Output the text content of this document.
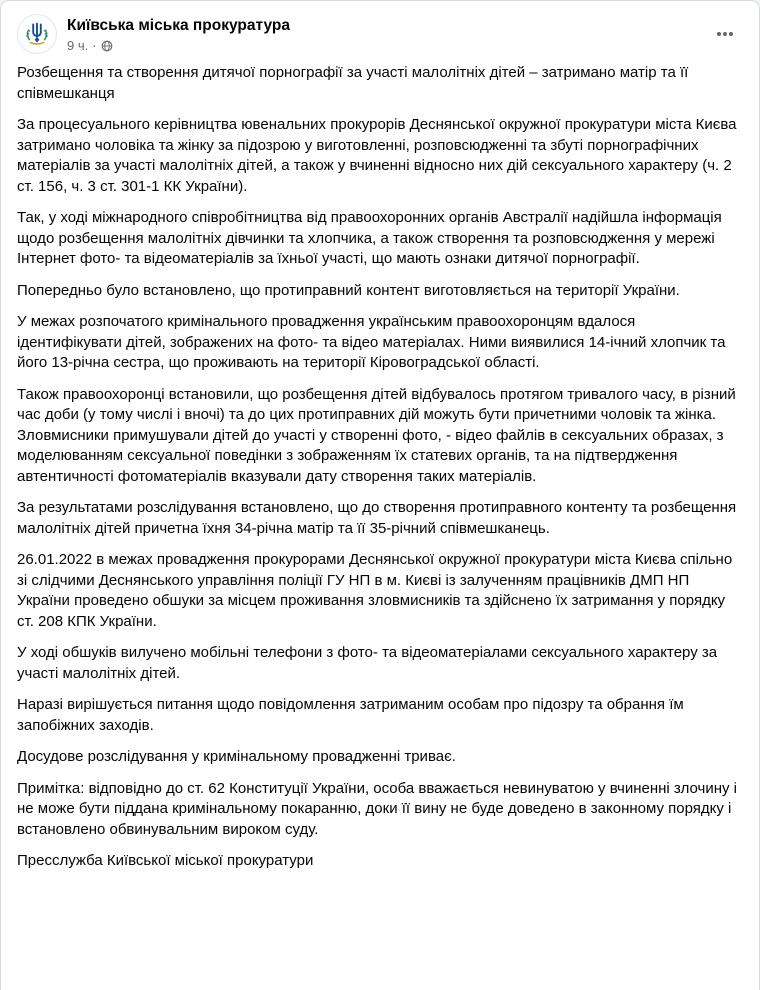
Київська міська прокуратура
9 ч. ·

Розбещення та створення дитячої порнографії за участі малолітніх дітей – затримано матір та її співмешканця

За процесуального керівництва ювенальних прокурорів Деснянської окружної прокуратури міста Києва затримано чоловіка та жінку за підозрою у виготовленні, розповсюдженні та збуті порнографічних матеріалів за участі малолітніх дітей, а також у вчиненні відносно них дій сексуального характеру (ч. 2 ст. 156, ч. 3 ст. 301-1 КК України).

Так, у ході міжнародного співробітництва від правоохоронних органів Австралії надійшла інформація щодо розбещення малолітніх дівчинки та хлопчика, а також створення та розповсюдження у мережі Інтернет фото- та відеоматеріалів за їхньої участі, що мають ознаки дитячої порнографії.

Попередньо було встановлено, що протиправний контент виготовляється на території України.

У межах розпочатого кримінального провадження українським правоохоронцям вдалося ідентифікувати дітей, зображених на фото- та відео матеріалах. Ними виявилися 14-ічний хлопчик та його 13-річна сестра, що проживають на території Кіровоградської області.

Також правоохоронці встановили, що розбещення дітей відбувалось протягом тривалого часу, в різний час доби (у тому числі і вночі) та до цих протиправних дій можуть бути причетними чоловік та жінка. Зловмисники примушували дітей до участі у створенні фото, - відео файлів в сексуальних образах, з моделюванням сексуальної поведінки з зображенням їх статевих органів, та на підтвердження автентичності фотоматеріалів вказували дату створення таких матеріалів.

За результатами розслідування встановлено, що до створення протиправного контенту та розбещення малолітніх дітей причетна їхня 34-річна матір та її 35-річний співмешканець.

26.01.2022 в межах провадження прокурорами Деснянської окружної прокуратури міста Києва спільно зі слідчими Деснянського управління поліції ГУ НП в м. Києві із залученням працівників ДМП НП України проведено обшуки за місцем проживання зловмисників та здійснено їх затримання у порядку ст. 208 КПК України.

У ході обшуків вилучено мобільні телефони з фото- та відеоматеріалами сексуального характеру за участі малолітніх дітей.

Наразі вирішується питання щодо повідомлення затриманим особам про підозру та обрання їм запобіжних заходів.

Досудове розслідування у кримінальному провадженні триває.

Примітка: відповідно до ст. 62 Конституції України, особа вважається невинуватою у вчиненні злочину і не може бути піддана кримінальному покаранню, доки її вину не буде доведено в законному порядку і встановлено обвинувальним вироком суду.

Пресслужба Київської міської прокуратури
